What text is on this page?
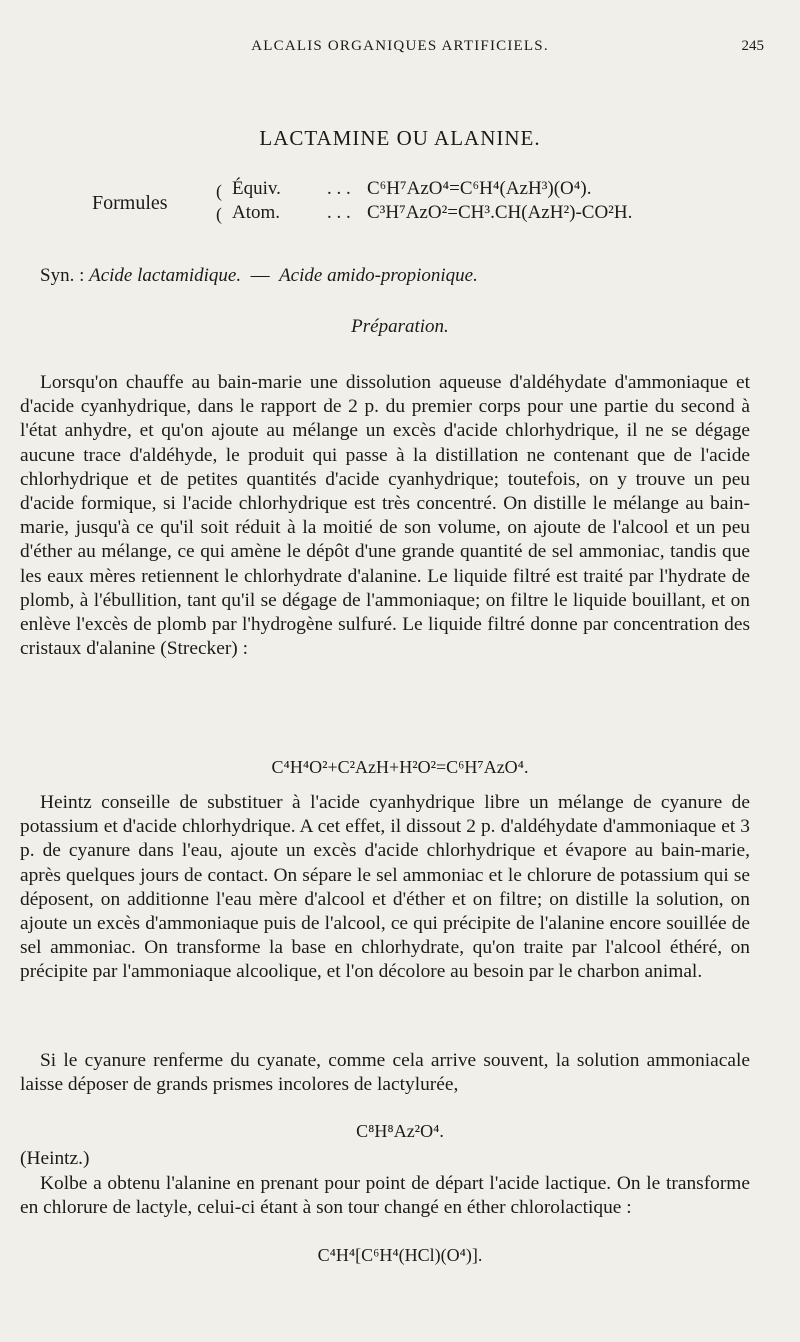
ALCALIS ORGANIQUES ARTIFICIELS.	245
LACTAMINE OU ALANINE.
Formules
(
(
Équiv. . . . C⁶H⁷AzO⁴=C⁶H⁴(AzH³)(O⁴).
Atom. . . . C³H⁷AzO²=CH³.CH(AzH²)-CO²H.
Syn. : Acide lactamidique. — Acide amido-propionique.
Préparation.

Lorsqu'on chauffe au bain-marie une dissolution aqueuse d'aldéhydate d'ammoniaque et d'acide cyanhydrique, dans le rapport de 2 p. du premier corps pour une partie du second à l'état anhydre, et qu'on ajoute au mélange un excès d'acide chlorhydrique, il ne se dégage aucune trace d'aldéhyde, le produit qui passe à la distillation ne contenant que de l'acide chlorhydrique et de petites quantités d'acide cyanhydrique; toutefois, on y trouve un peu d'acide formique, si l'acide chlorhydrique est très concentré. On distille le mélange au bain-marie, jusqu'à ce qu'il soit réduit à la moitié de son volume, on ajoute de l'alcool et un peu d'éther au mélange, ce qui amène le dépôt d'une grande quantité de sel ammoniac, tandis que les eaux mères retiennent le chlorhydrate d'alanine. Le liquide filtré est traité par l'hydrate de plomb, à l'ébullition, tant qu'il se dégage de l'ammoniaque; on filtre le liquide bouillant, et on enlève l'excès de plomb par l'hydrogène sulfuré. Le liquide filtré donne par concentration des cristaux d'alanine (Strecker) :

C⁴H⁴O²+C²AzH+H²O²=C⁶H⁷AzO⁴.

Heintz conseille de substituer à l'acide cyanhydrique libre un mélange de cyanure de potassium et d'acide chlorhydrique. A cet effet, il dissout 2 p. d'aldéhydate d'ammoniaque et 3 p. de cyanure dans l'eau, ajoute un excès d'acide chlorhydrique et évapore au bain-marie, après quelques jours de contact. On sépare le sel ammoniac et le chlorure de potassium qui se déposent, on additionne l'eau mère d'alcool et d'éther et on filtre; on distille la solution, on ajoute un excès d'ammoniaque puis de l'alcool, ce qui précipite de l'alanine encore souillée de sel ammoniac. On transforme la base en chlorhydrate, qu'on traite par l'alcool éthéré, on précipite par l'ammoniaque alcoolique, et l'on décolore au besoin par le charbon animal.

Si le cyanure renferme du cyanate, comme cela arrive souvent, la solution ammoniacale laisse déposer de grands prismes incolores de lactylurée,

C⁸H⁸Az²O⁴.
(Heintz.)

Kolbe a obtenu l'alanine en prenant pour point de départ l'acide lactique. On le transforme en chlorure de lactyle, celui-ci étant à son tour changé en éther chlorolactique :

C⁴H⁴[C⁶H⁴(HCl)(O⁴)].
